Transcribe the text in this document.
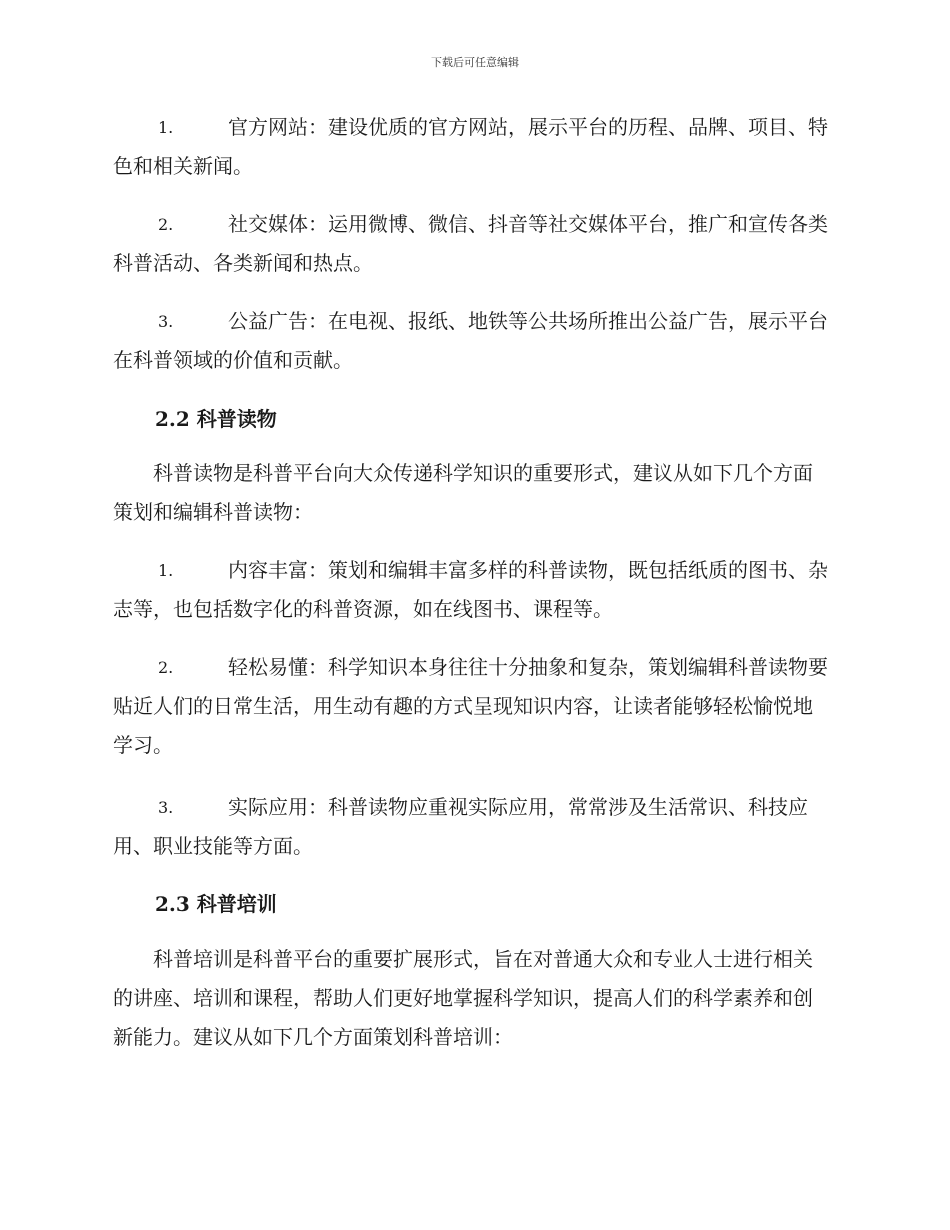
下载后可任意编辑
1.	官方网站：建设优质的官方网站，展示平台的历程、品牌、项目、特色和相关新闻。
2.	社交媒体：运用微博、微信、抖音等社交媒体平台，推广和宣传各类科普活动、各类新闻和热点。
3.	公益广告：在电视、报纸、地铁等公共场所推出公益广告，展示平台在科普领域的价值和贡献。
2.2 科普读物
科普读物是科普平台向大众传递科学知识的重要形式，建议从如下几个方面策划和编辑科普读物：
1.	内容丰富：策划和编辑丰富多样的科普读物，既包括纸质的图书、杂志等，也包括数字化的科普资源，如在线图书、课程等。
2.	轻松易懂：科学知识本身往往十分抽象和复杂，策划编辑科普读物要贴近人们的日常生活，用生动有趣的方式呈现知识内容，让读者能够轻松愉悦地学习。
3.	实际应用：科普读物应重视实际应用，常常涉及生活常识、科技应用、职业技能等方面。
2.3 科普培训
科普培训是科普平台的重要扩展形式，旨在对普通大众和专业人士进行相关的讲座、培训和课程，帮助人们更好地掌握科学知识，提高人们的科学素养和创新能力。建议从如下几个方面策划科普培训：
